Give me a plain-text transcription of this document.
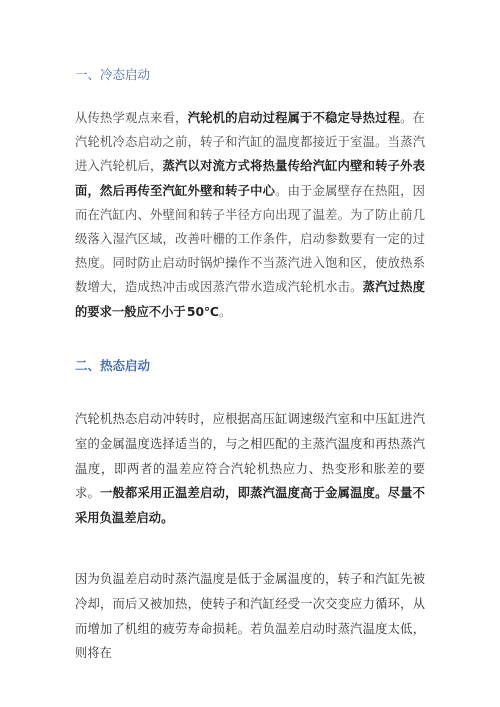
一、冷态启动
从传热学观点来看，汽轮机的启动过程属于不稳定导热过程。在汽轮机冷态启动之前，转子和汽缸的温度都接近于室温。当蒸汽进入汽轮机后，蒸汽以对流方式将热量传给汽缸内壁和转子外表面，然后再传至汽缸外壁和转子中心。由于金属壁存在热阻，因而在汽缸内、外壁间和转子半径方向出现了温差。为了防止前几级落入湿汽区域，改善叶栅的工作条件，启动参数要有一定的过热度。同时防止启动时锅炉操作不当蒸汽进入饱和区，使放热系数增大，造成热冲击或因蒸汽带水造成汽轮机水击。蒸汽过热度的要求一般应不小于 50℃。
二、热态启动
汽轮机热态启动冲转时，应根据高压缸调速级汽室和中压缸进汽室的金属温度选择适当的，与之相匹配的主蒸汽温度和再热蒸汽温度，即两者的温差应符合汽轮机热应力、热变形和胀差的要求。一般都采用正温差启动，即蒸汽温度高于金属温度。尽量不采用负温差启动。
因为负温差启动时蒸汽温度是低于金属温度的，转子和汽缸先被冷却，而后又被加热，使转子和汽缸经受一次交变应力循环，从而增加了机组的疲劳寿命损耗。若负温差启动时蒸汽温度太低，则将在
